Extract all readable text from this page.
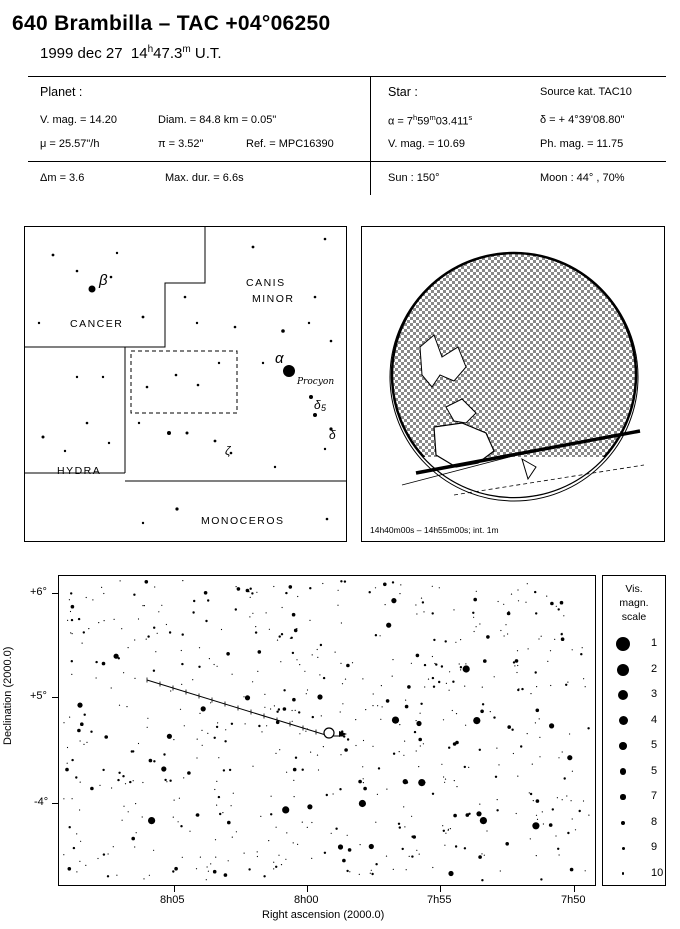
640 Brambilla – TAC +04°06250
1999 dec 27 14$^h$47.3$^m$ U.T.
Planet :
V. mag. = 14.20	Diam. = 84.8 km = 0.05"
μ = 25.57"/h	π = 3.52"	Ref. = MPC16390
Star :	Source kat. TAC10
$\alpha = 7^h59^m03.411^s$	δ = + 4°39'08.80"
V. mag. = 10.69	Ph. mag. = 11.75
Δm = 3.6	Max. dur. = 6.6s	Sun : 150°	Moon : 44° , 70%
CANIS
MINOR
CANCER
HYDRA
MONOCEROS
Procyon
β
α
δ
ζ
δ
5
14h40m00s – 14h55m00s; int. 1m
+6°
+5°
-4°
8h05	8h00	7h55	7h50
Right ascension (2000.0)
Declination (2000.0)
Vis.
magn.
scale
1
2
3
4
5
5
7
8
9
10
